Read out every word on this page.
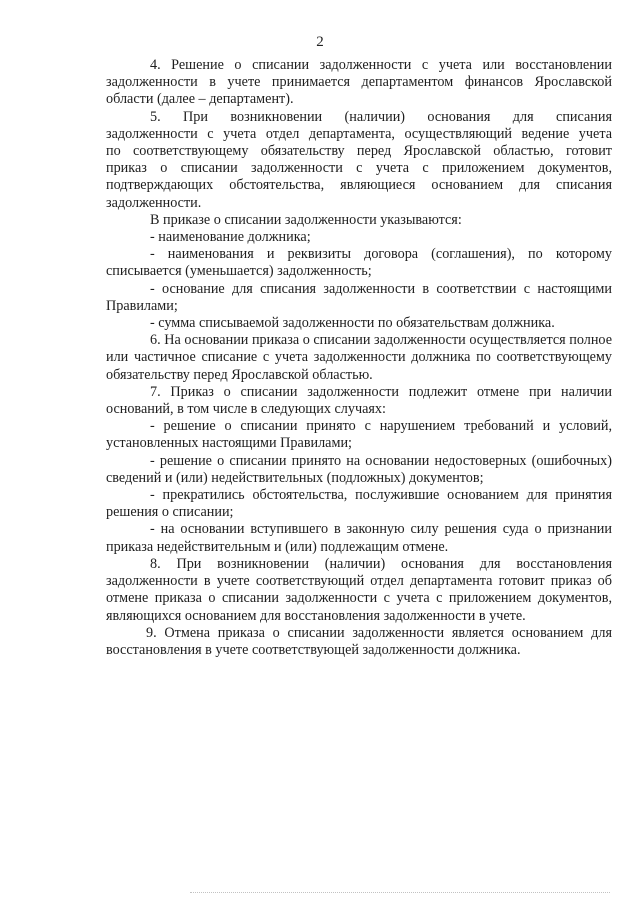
2

4. Решение о списании задолженности с учета или восстановлении задолженности в учете принимается департаментом финансов Ярославской области (далее – департамент).

5. При возникновении (наличии) основания для списания задолженности с учета отдел департамента, осуществляющий ведение учета по соответствующему обязательству перед Ярославской областью, готовит приказ о списании задолженности с учета с приложением документов, подтверждающих обстоятельства, являющиеся основанием для списания задолженности.

В приказе о списании задолженности указываются:

- наименование должника;

- наименования и реквизиты договора (соглашения), по которому списывается (уменьшается) задолженность;

- основание для списания задолженности в соответствии с настоящими Правилами;

- сумма списываемой задолженности по обязательствам должника.

6. На основании приказа о списании задолженности осуществляется полное или частичное списание с учета задолженности должника по соответствующему обязательству перед Ярославской областью.

7. Приказ о списании задолженности подлежит отмене при наличии оснований, в том числе в следующих случаях:

- решение о списании принято с нарушением требований и условий, установленных настоящими Правилами;

- решение о списании принято на основании недостоверных (ошибочных) сведений и (или) недействительных (подложных) документов;

- прекратились обстоятельства, послужившие основанием для принятия решения о списании;

- на основании вступившего в законную силу решения суда о признании приказа недействительным и (или) подлежащим отмене.

8. При возникновении (наличии) основания для восстановления задолженности в учете соответствующий отдел департамента готовит приказ об отмене приказа о списании задолженности с учета с приложением документов, являющихся основанием для восстановления задолженности в учете.

9. Отмена приказа о списании задолженности является основанием для восстановления в учете соответствующей задолженности должника.
